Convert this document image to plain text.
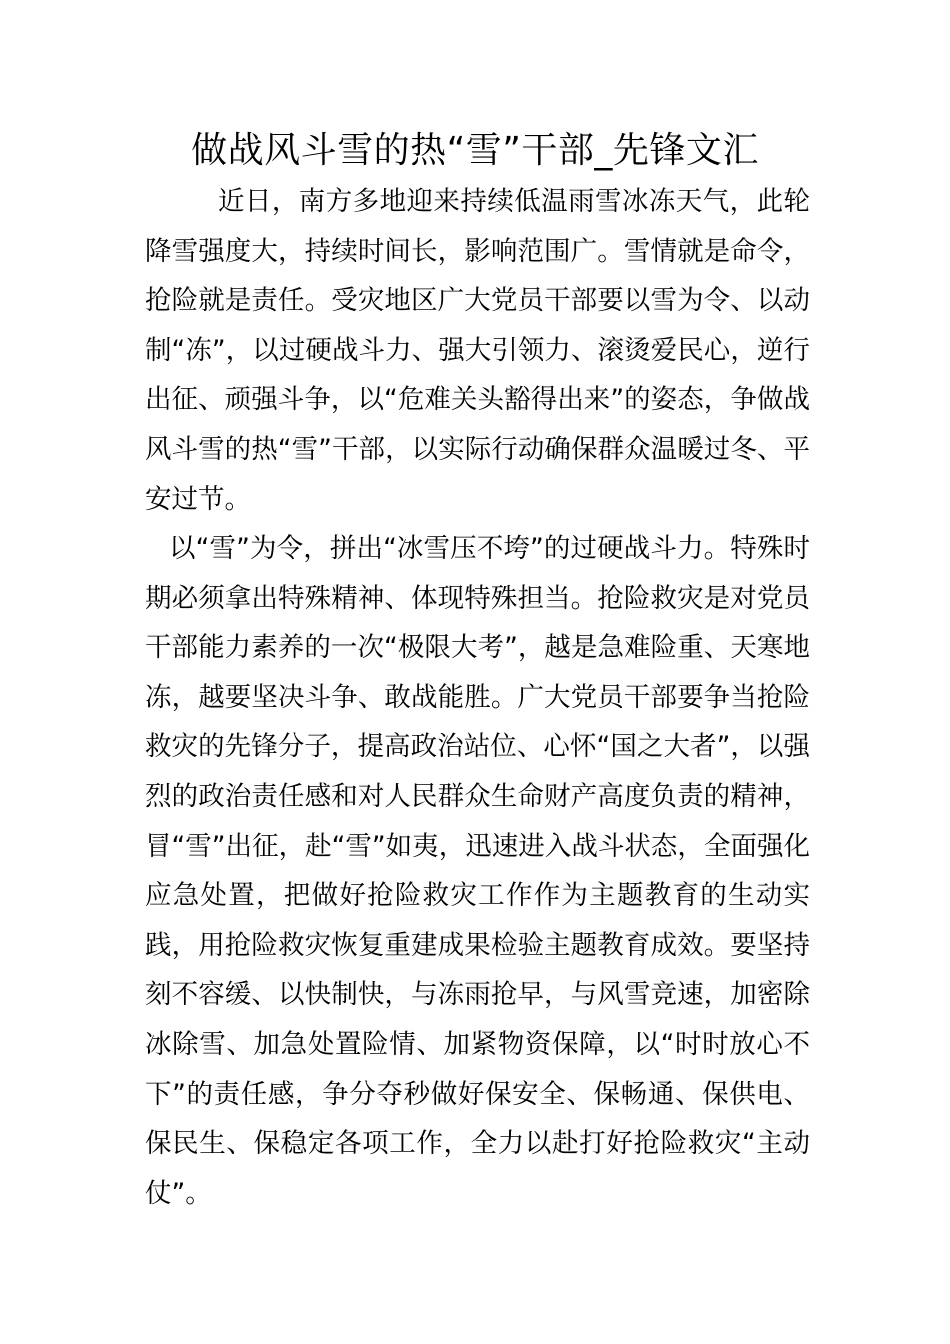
做战风斗雪的热“雪”干部_先锋文汇

近日，南方多地迎来持续低温雨雪冰冻天气，此轮降雪强度大，持续时间长，影响范围广。雪情就是命令，抢险就是责任。受灾地区广大党员干部要以雪为令、以动制“冻”，以过硬战斗力、强大引领力、滚烫爱民心，逆行出征、顽强斗争，以“危难关头豁得出来”的姿态，争做战风斗雪的热“雪”干部，以实际行动确保群众温暖过冬、平安过节。

以“雪”为令，拼出“冰雪压不垮”的过硬战斗力。特殊时期必须拿出特殊精神、体现特殊担当。抢险救灾是对党员干部能力素养的一次“极限大考”，越是急难险重、天寒地冻，越要坚决斗争、敢战能胜。广大党员干部要争当抢险救灾的先锋分子，提高政治站位、心怀“国之大者”，以强烈的政治责任感和对人民群众生命财产高度负责的精神，冒“雪”出征，赴“雪”如夷，迅速进入战斗状态，全面强化应急处置，把做好抢险救灾工作作为主题教育的生动实践，用抢险救灾恢复重建成果检验主题教育成效。要坚持刻不容缓、以快制快，与冻雨抢早，与风雪竞速，加密除冰除雪、加急处置险情、加紧物资保障，以“时时放心不下”的责任感，争分夺秒做好保安全、保畅通、保供电、保民生、保稳定各项工作，全力以赴打好抢险救灾“主动仗”。
